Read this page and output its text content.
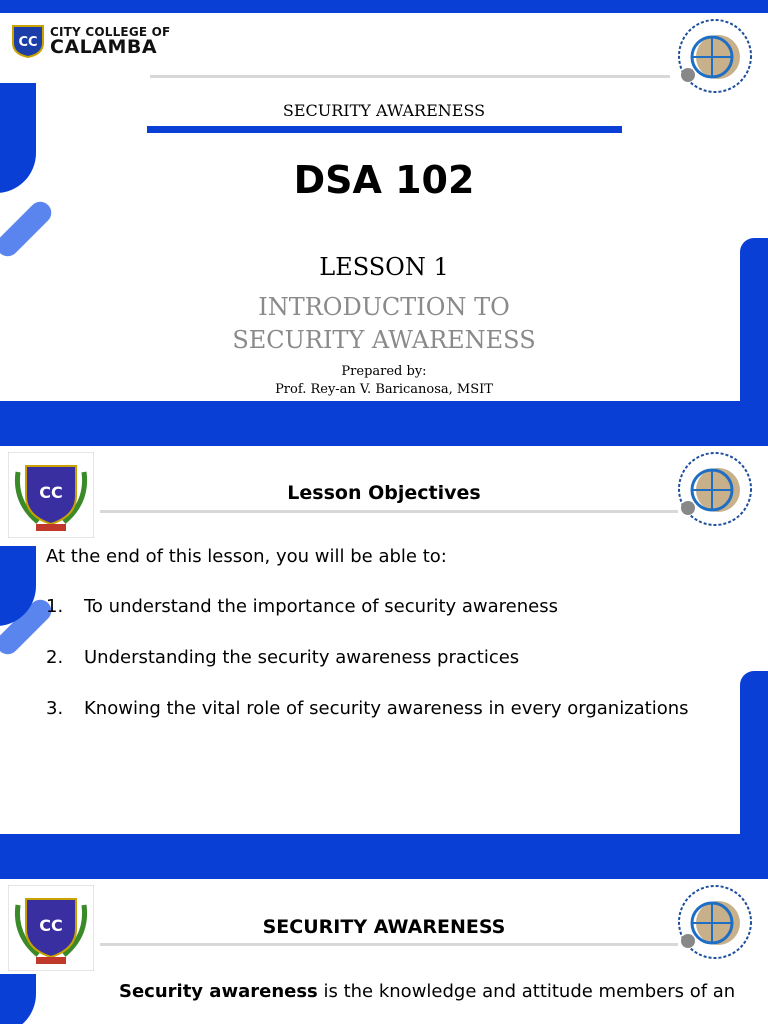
CC
CITY COLLEGE OF
CALAMBA
SECURITY AWARENESS
DSA 102
LESSON 1
INTRODUCTION TO SECURITY AWARENESS
Prepared by:
Prof. Rey-an V. Baricanosa, MSIT
CC	Lesson Objectives
At the end of this lesson, you will be able to:
1.	To understand the importance of security awareness
2.	Understanding the security awareness practices
3.	Knowing the vital role of security awareness in every organizations
CC	SECURITY AWARENESS
Security awareness is the knowledge and attitude members of an
